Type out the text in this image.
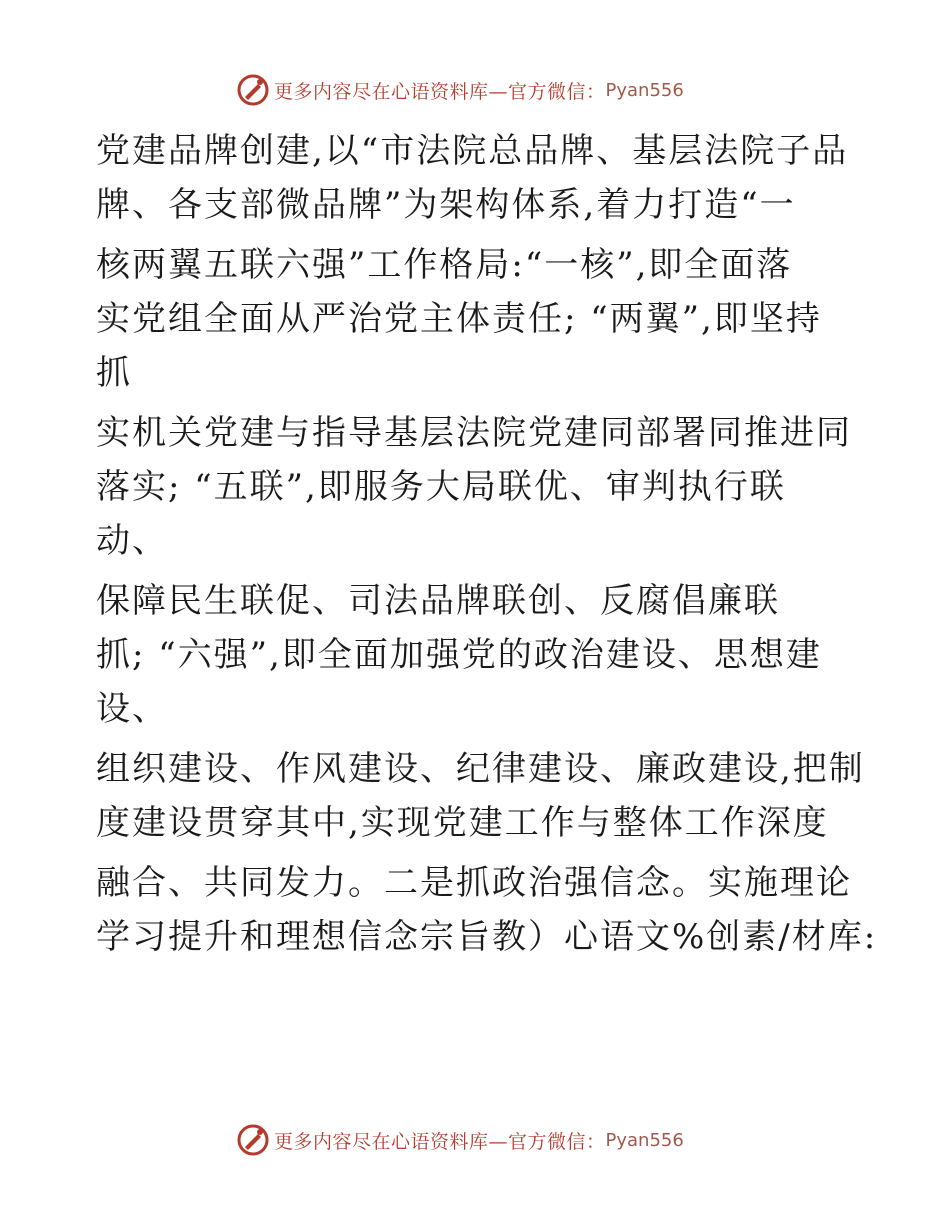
更多内容尽在心语资料库—官方微信： Pyan556
党建品牌创建,以“市法院总品牌、基层法院子品
牌、各支部微品牌”为架构体系,着力打造“一
核两翼五联六强”工作格局:“一核”,即全面落
实党组全面从严治党主体责任; “两翼”,即坚持
抓
实机关党建与指导基层法院党建同部署同推进同
落实; “五联”,即服务大局联优、审判执行联
动、
保障民生联促、司法品牌联创、反腐倡廉联
抓; “六强”,即全面加强党的政治建设、思想建
设、
组织建设、作风建设、纪律建设、廉政建设,把制
度建设贯穿其中,实现党建工作与整体工作深度
融合、共同发力。二是抓政治强信念。实施理论
学习提升和理想信念宗旨教）心语文%创素/材库:
更多内容尽在心语资料库—官方微信： Pyan556
